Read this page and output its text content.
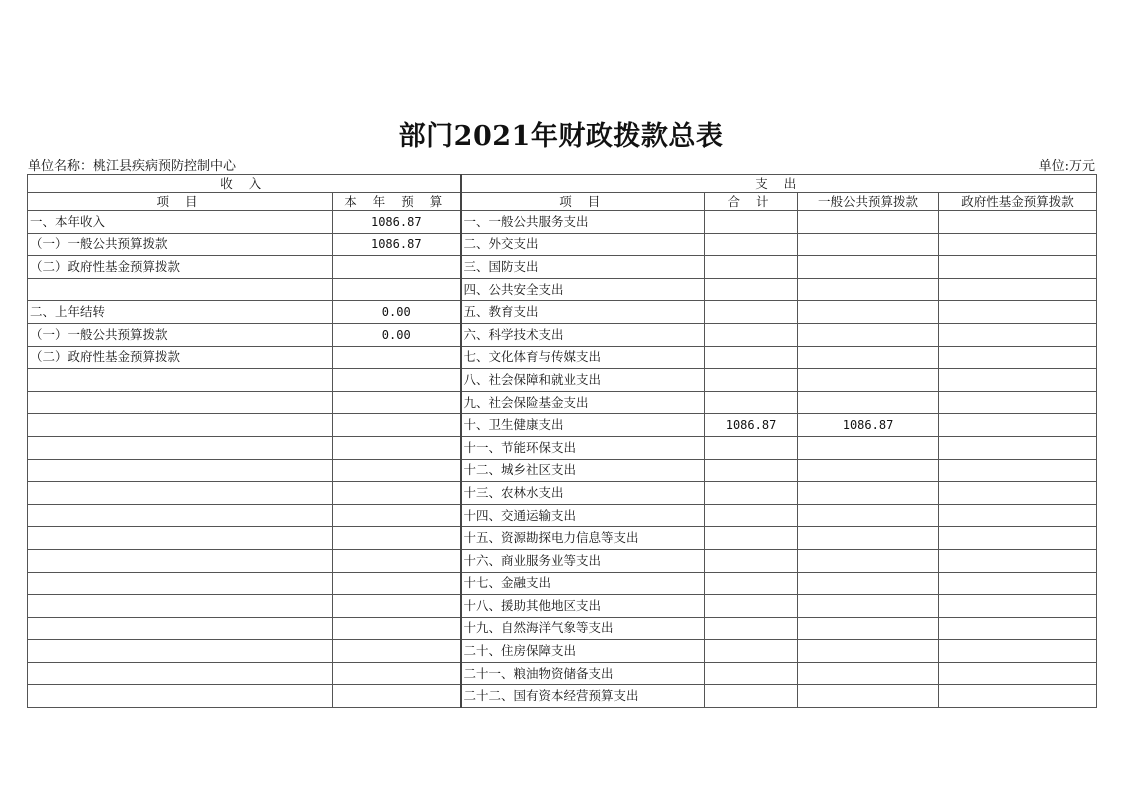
部门2021年财政拨款总表
单位名称：桃江县疾病预防控制中心	单位:万元
收 入		支 出			
项 目	本 年 预 算	项 目	合 计	一般公共预算拨款	政府性基金预算拨款
一、本年收入	1086.87	一、一般公共服务支出			
（一）一般公共预算拨款	1086.87	二、外交支出			
（二）政府性基金预算拨款		三、国防支出			
		四、公共安全支出			
二、上年结转	0.00	五、教育支出			
（一）一般公共预算拨款	0.00	六、科学技术支出			
（二）政府性基金预算拨款		七、文化体育与传媒支出			
		八、社会保障和就业支出			
		九、社会保险基金支出			
		十、卫生健康支出	1086.87	1086.87	
		十一、节能环保支出			
		十二、城乡社区支出			
		十三、农林水支出			
		十四、交通运输支出			
		十五、资源勘探电力信息等支出			
		十六、商业服务业等支出			
		十七、金融支出			
		十八、援助其他地区支出			
		十九、自然海洋气象等支出			
		二十、住房保障支出			
		二十一、粮油物资储备支出			
		二十二、国有资本经营预算支出			
